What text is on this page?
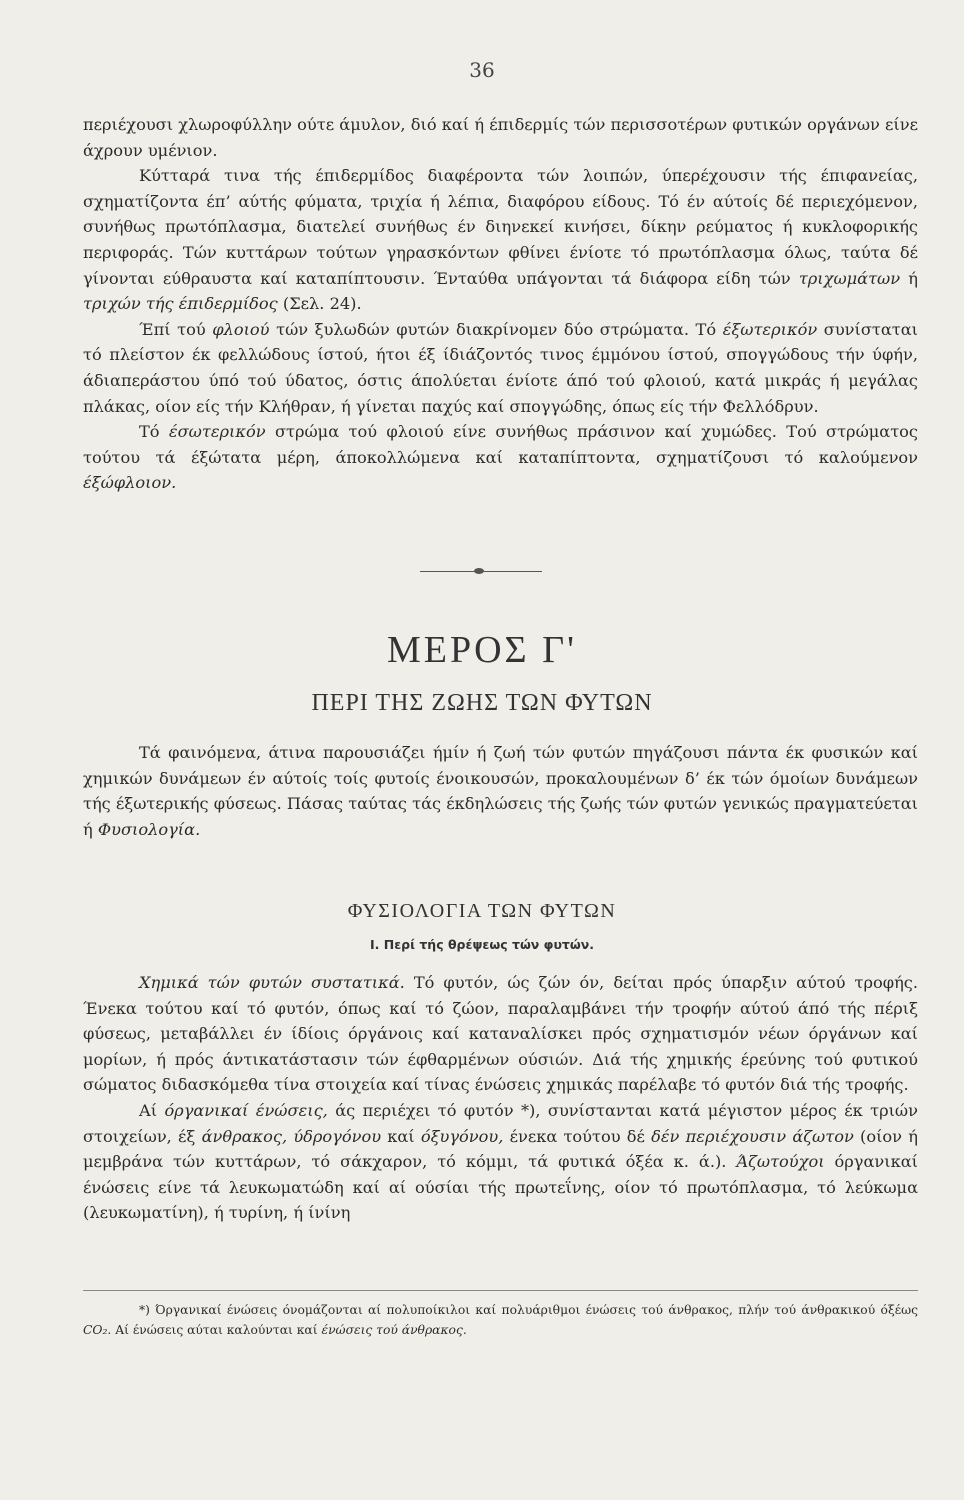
36

περιέχουσι χλωροφύλλην ούτε άμυλον, διό καί ή έπιδερμίς τών περισσοτέρων φυτικών οργάνων είνε άχρουν υμένιον.

Κύτταρά τινα τής έπιδερμίδος διαφέροντα τών λοιπών, ύπερέχουσιν τής έπιφανείας, σχηματίζοντα έπ’ αύτής φύματα, τριχία ή λέπια, διαφόρου είδους. Τό έν αύτοίς δέ περιεχόμενον, συνήθως πρωτόπλασμα, διατελεί συνήθως έν διηνεκεί κινήσει, δίκην ρεύματος ή κυκλοφορικής περιφοράς. Τών κυττάρων τούτων γηρασκόντων φθίνει ένίοτε τό πρωτόπλασμα όλως, ταύτα δέ γίνονται εύθραυστα καί καταπίπτουσιν. Ένταύθα υπάγονται τά διάφορα είδη τών τριχωμάτων ή τριχών τής έπιδερμίδος (Σελ. 24).

Έπί τού φλοιού τών ξυλωδών φυτών διακρίνομεν δύο στρώματα. Τό έξωτερικόν συνίσταται τό πλείστον έκ φελλώδους ίστού, ήτοι έξ ίδιάζοντός τινος έμμόνου ίστού, σπογγώδους τήν ύφήν, άδιαπεράστου ύπό τού ύδατος, όστις άπολύεται ένίοτε άπό τού φλοιού, κατά μικράς ή μεγάλας πλάκας, οίον είς τήν Κλήθραν, ή γίνεται παχύς καί σπογγώδης, όπως είς τήν Φελλόδρυν.

Τό έσωτερικόν στρώμα τού φλοιού είνε συνήθως πράσινον καί χυμώδες. Τού στρώματος τούτου τά έξώτατα μέρη, άποκολλώμενα καί καταπίπτοντα, σχηματίζουσι τό καλούμενον έξώφλοιον.

ΜΕΡΟΣ Γ'
ΠΕΡΙ ΤΗΣ ΖΩΗΣ ΤΩΝ ΦΥΤΩΝ

Τά φαινόμενα, άτινα παρουσιάζει ήμίν ή ζωή τών φυτών πηγάζουσι πάντα έκ φυσικών καί χημικών δυνάμεων έν αύτοίς τοίς φυτοίς ένοικουσών, προκαλουμένων δ’ έκ τών όμοίων δυνάμεων τής έξωτερικής φύσεως. Πάσας ταύτας τάς έκδηλώσεις τής ζωής τών φυτών γενικώς πραγματεύεται ή Φυσιολογία.

ΦΥΣΙΟΛΟΓΙΑ ΤΩΝ ΦΥΤΩΝ
I. Περί τής θρέψεως τών φυτών.

Χημικά τών φυτών συστατικά. Τό φυτόν, ώς ζών όν, δείται πρός ύπαρξιν αύτού τροφής. Ένεκα τούτου καί τό φυτόν, όπως καί τό ζώον, παραλαμβάνει τήν τροφήν αύτού άπό τής πέριξ φύσεως, μεταβάλλει έν ίδίοις όργάνοις καί καταναλίσκει πρός σχηματισμόν νέων όργάνων καί μορίων, ή πρός άντικατάστασιν τών έφθαρμένων ούσιών. Διά τής χημικής έρεύνης τού φυτικού σώματος διδασκόμεθα τίνα στοιχεία καί τίνας ένώσεις χημικάς παρέλαβε τό φυτόν διά τής τροφής.

Αί όργανικαί ένώσεις, άς περιέχει τό φυτόν *), συνίστανται κατά μέγιστον μέρος έκ τριών στοιχείων, έξ άνθρακος, ύδρογόνου καί όξυγόνου, ένεκα τούτου δέ δέν περιέχουσιν άζωτον (οίον ή μεμβράνα τών κυττάρων, τό σάκχαρον, τό κόμμι, τά φυτικά όξέα κ. ά.). Άζωτούχοι όργανικαί ένώσεις είνε τά λευκωματώδη καί αί ούσίαι τής πρωτεΐνης, οίον τό πρωτόπλασμα, τό λεύκωμα (λευκωματίνη), ή τυρίνη, ή ίνίνη

*) Όργανικαί ένώσεις όνομάζονται αί πολυποίκιλοι καί πολυάριθμοι ένώσεις τού άνθρακος, πλήν τού άνθρακικού όξέως CO₂. Αί ένώσεις αύται καλούνται καί ένώσεις τού άνθρακος.
